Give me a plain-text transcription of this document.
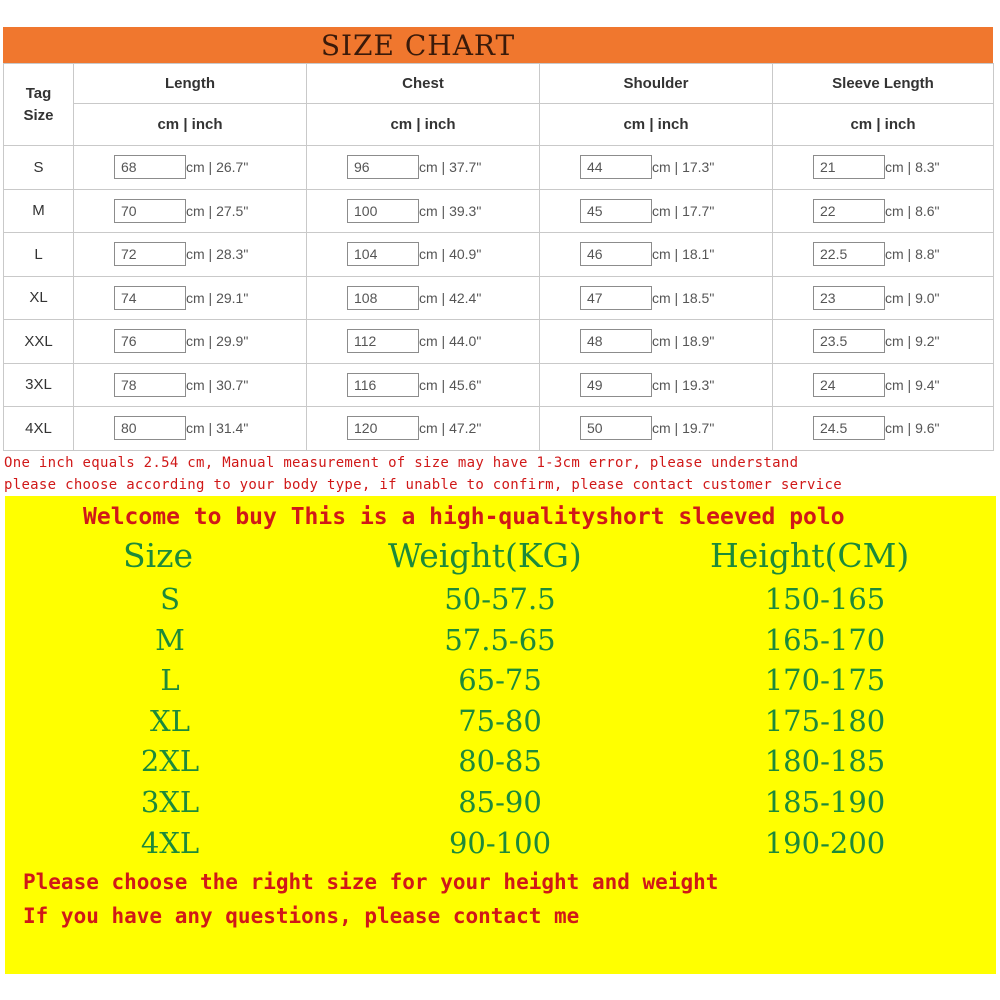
SIZE CHART
Tag
Size	Length	Chest	Shoulder	Sleeve Length
	cm | inch	cm | inch	cm | inch	cm | inch
S	68 cm | 26.7"	96 cm | 37.7"	44 cm | 17.3"	21 cm | 8.3"
M	70 cm | 27.5"	100 cm | 39.3"	45 cm | 17.7"	22 cm | 8.6"
L	72 cm | 28.3"	104 cm | 40.9"	46 cm | 18.1"	22.5 cm | 8.8"
XL	74 cm | 29.1"	108 cm | 42.4"	47 cm | 18.5"	23 cm | 9.0"
XXL	76 cm | 29.9"	112 cm | 44.0"	48 cm | 18.9"	23.5 cm | 9.2"
3XL	78 cm | 30.7"	116 cm | 45.6"	49 cm | 19.3"	24 cm | 9.4"
4XL	80 cm | 31.4"	120 cm | 47.2"	50 cm | 19.7"	24.5 cm | 9.6"
One inch equals 2.54 cm, Manual measurement of size may have 1-3cm error, please understand
please choose according to your body type, if unable to confirm, please contact customer service
Welcome to buy This is a high-qualityshort sleeved polo
Size	Weight(KG)	Height(CM)
S	50-57.5	150-165
M	57.5-65	165-170
L	65-75	170-175
XL	75-80	175-180
2XL	80-85	180-185
3XL	85-90	185-190
4XL	90-100	190-200
Please choose the right size for your height and weight
If you have any questions, please contact me
